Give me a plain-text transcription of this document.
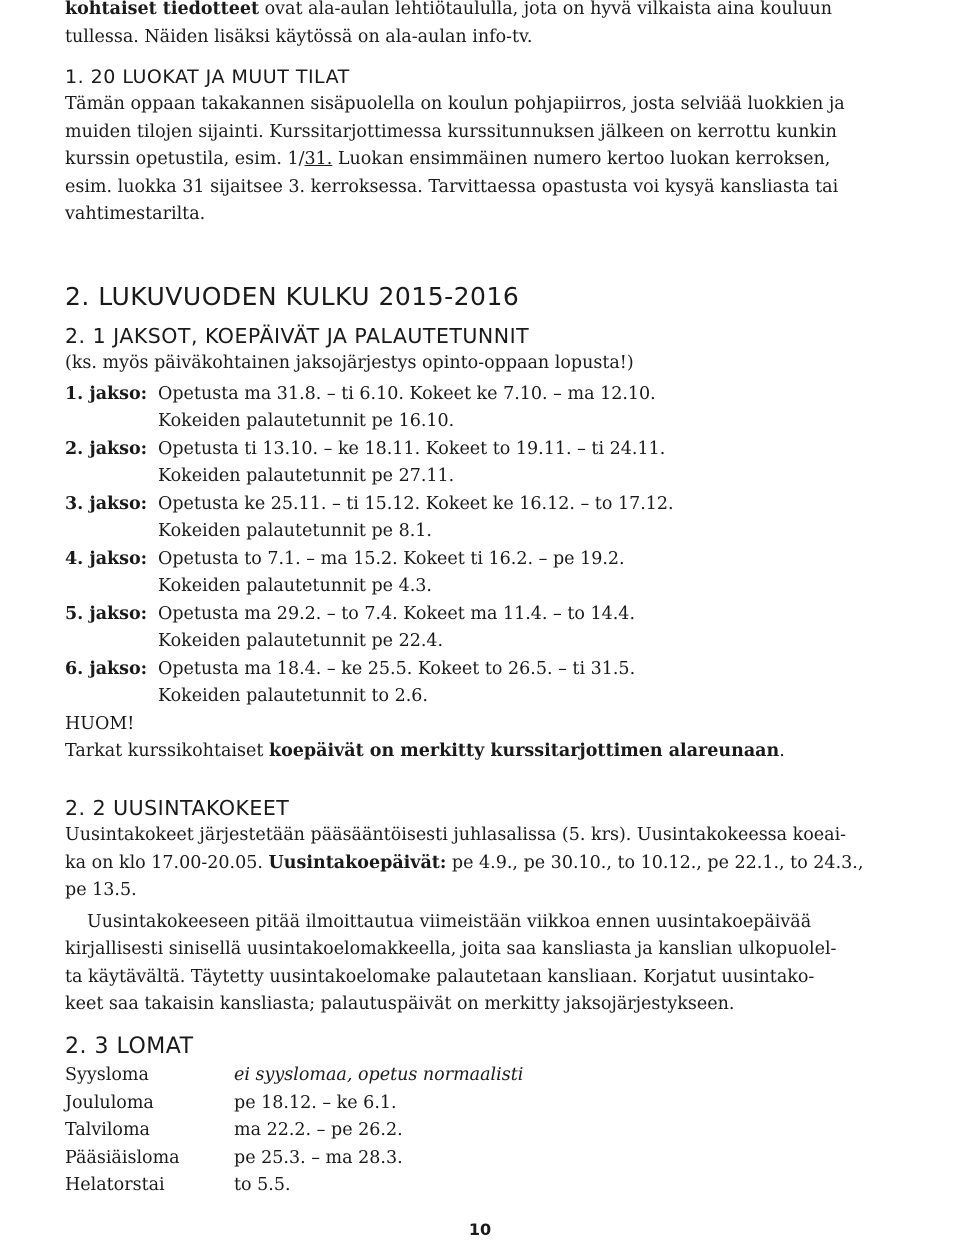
kohtaiset tiedotteet ovat ala-aulan lehtiötaululla, jota on hyvä vilkaista aina kouluun

tullessa. Näiden lisäksi käytössä on ala-aulan info-tv.

1. 20 LUOKAT JA MUUT TILAT

Tämän oppaan takakannen sisäpuolella on koulun pohjapiirros, josta selviää luokkien ja

muiden tilojen sijainti. Kurssitarjottimessa kurssitunnuksen jälkeen on kerrottu kunkin

kurssin opetustila, esim. 1/31. Luokan ensimmäinen numero kertoo luokan kerroksen,

esim. luokka 31 sijaitsee 3. kerroksessa. Tarvittaessa opastusta voi kysyä kansliasta tai

vahtimestarilta.

2. LUKUVUODEN KULKU 2015-2016
2. 1 JAKSOT, KOEPÄIVÄT JA PALAUTETUNNIT

(ks. myös päiväkohtainen jaksojärjestys opinto-oppaan lopusta!)

1. jakso: Opetusta ma 31.8. – ti 6.10. Kokeet ke 7.10. – ma 12.10.
Kokeiden palautetunnit pe 16.10.
2. jakso: Opetusta ti 13.10. – ke 18.11. Kokeet to 19.11. – ti 24.11.
Kokeiden palautetunnit pe 27.11.
3. jakso: Opetusta ke 25.11. – ti 15.12. Kokeet ke 16.12. – to 17.12.
Kokeiden palautetunnit pe 8.1.
4. jakso: Opetusta to 7.1. – ma 15.2. Kokeet ti 16.2. – pe 19.2.
Kokeiden palautetunnit pe 4.3.
5. jakso: Opetusta ma 29.2. – to 7.4. Kokeet ma 11.4. – to 14.4.
Kokeiden palautetunnit pe 22.4.
6. jakso: Opetusta ma 18.4. – ke 25.5. Kokeet to 26.5. – ti 31.5.
Kokeiden palautetunnit to 2.6.

HUOM!

Tarkat kurssikohtaiset koepäivät on merkitty kurssitarjottimen alareunaan.

2. 2 UUSINTAKOKEET

Uusintakokeet järjestetään pääsääntöisesti juhlasalissa (5. krs). Uusintakokeessa koeai-

ka on klo 17.00-20.05. Uusintakoepäivät: pe 4.9., pe 30.10., to 10.12., pe 22.1., to 24.3.,

pe 13.5.

Uusintakokeeseen pitää ilmoittautua viimeistään viikkoa ennen uusintakoepäivää

kirjallisesti sinisellä uusintakoelomakkeella, joita saa kansliasta ja kanslian ulkopuolel-

ta käytävältä. Täytetty uusintakoelomake palautetaan kansliaan. Korjatut uusintako-

keet saa takaisin kansliasta; palautuspäivät on merkitty jaksojärjestykseen.

2. 3 LOMAT
Syysloma	ei syyslomaa, opetus normaalisti
Joululoma	pe 18.12. – ke 6.1.
Talviloma	ma 22.2. – pe 26.2.
Pääsiäisloma	pe 25.3. – ma 28.3.
Helatorstai	to 5.5.
10
